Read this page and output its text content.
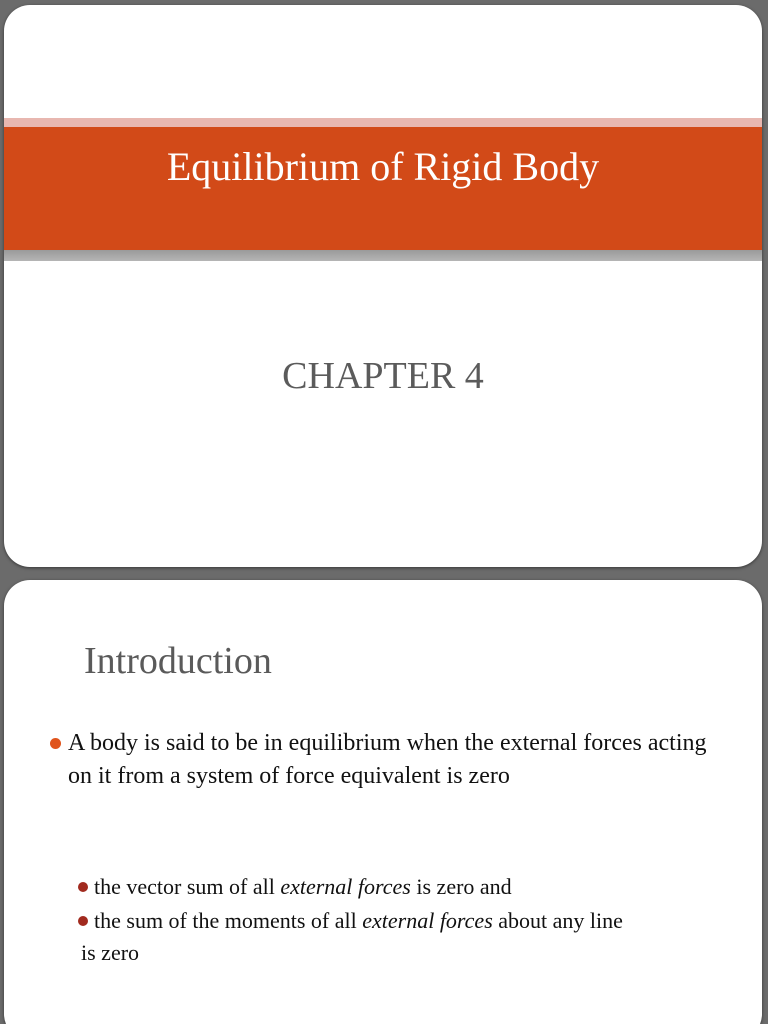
Equilibrium of Rigid Body
CHAPTER 4
Introduction
A body is said to be in equilibrium when the external forces acting on it from a system of force equivalent is zero
the vector sum of all external forces is zero and
the sum of the moments of all external forces about any line
is zero
